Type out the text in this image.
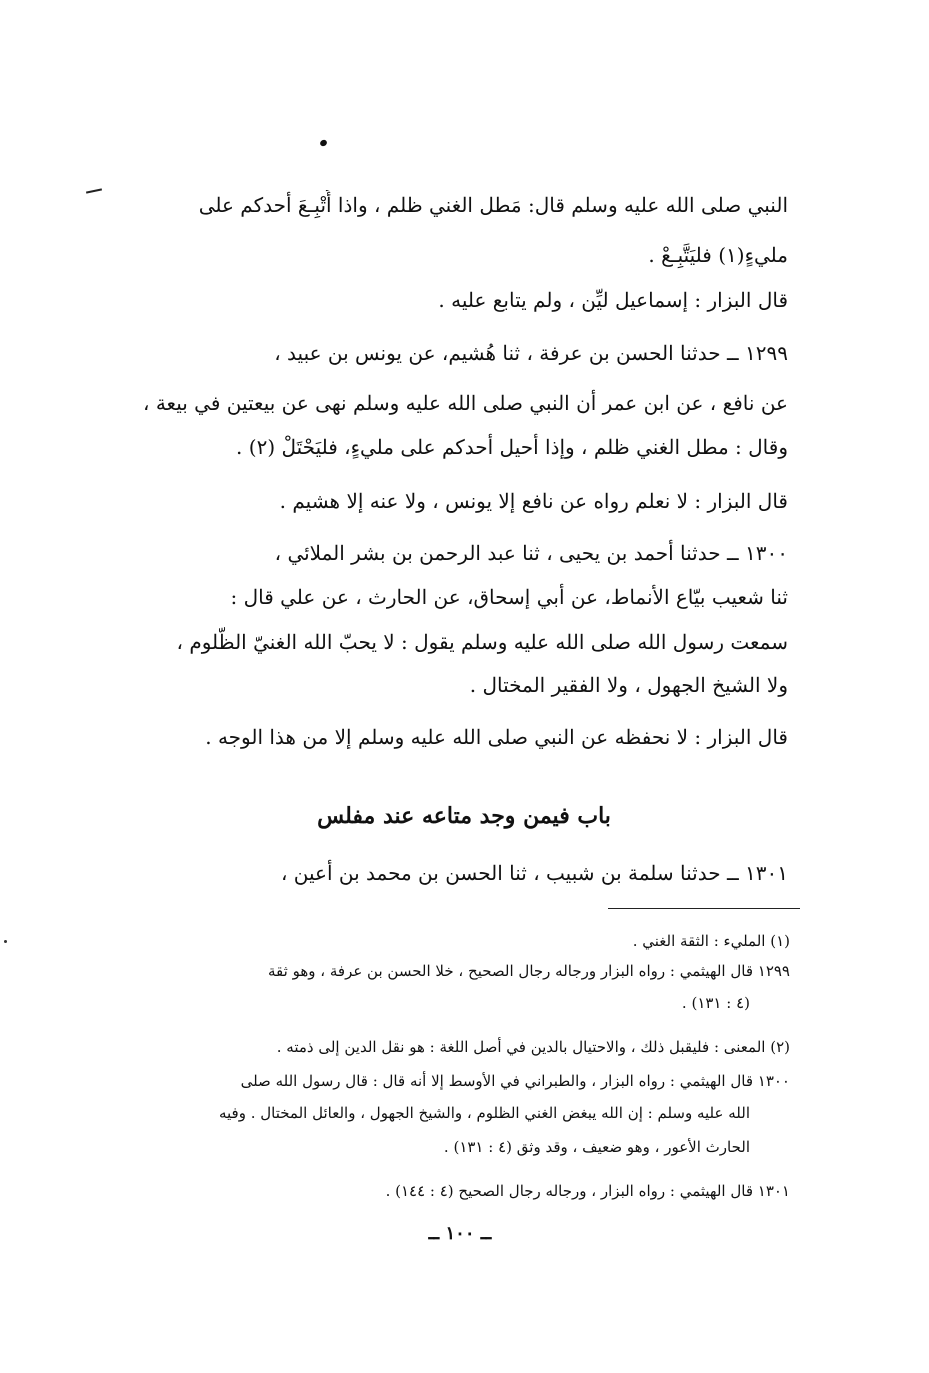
النبي صلى الله عليه وسلم قال: مَطل الغني ظلم ، واذا أُتْبِـعَ أحدكم على
مليءٍ(١) فليَتَّبِـعْ .
قال البزار : إسماعيل ليِّن ، ولم يتابع عليه .
١٢٩٩ ــ حدثنا الحسن بن عرفة ، ثنا هُشيم، عن يونس بن عبيد ،
عن نافع ، عن ابن عمر أن النبي صلى الله عليه وسلم نهى عن بيعتين في بيعة ،
وقال : مطل الغني ظلم ، وإذا أحيل أحدكم على مليءٍ، فليَحْتَلْ (٢) .
قال البزار : لا نعلم رواه عن نافع إلا يونس ، ولا عنه إلا هشيم .
١٣٠٠ ــ حدثنا أحمد بن يحيى ، ثنا عبد الرحمن بن بشر الملائي ،
ثنا شعيب بيّاع الأنماط، عن أبي إسحاق، عن الحارث ، عن علي قال :
سمعت رسول الله صلى الله عليه وسلم يقول : لا يحبّ الله الغنيّ الظّلوم ،
ولا الشيخ الجهول ، ولا الفقير المختال .
قال البزار : لا نحفظه عن النبي صلى الله عليه وسلم إلا من هذا الوجه .
باب فيمن وجد متاعه عند مفلس
١٣٠١ ــ حدثنا سلمة بن شبيب ، ثنا الحسن بن محمد بن أعين ،
(١) المليء : الثقة الغني .
١٢٩٩ قال الهيثمي : رواه البزار ورجاله رجال الصحيح ، خلا الحسن بن عرفة ، وهو ثقة
(٤ : ١٣١) .
(٢) المعنى : فليقبل ذلك ، والاحتيال بالدين في أصل اللغة : هو نقل الدين إلى ذمته .
١٣٠٠ قال الهيثمي : رواه البزار ، والطبراني في الأوسط إلا أنه قال : قال رسول الله صلى
الله عليه وسلم : إن الله يبغض الغني الظلوم ، والشيخ الجهول ، والعائل المختال . وفيه
الحارث الأعور ، وهو ضعيف ، وقد وثق (٤ : ١٣١) .
١٣٠١ قال الهيثمي : رواه البزار ، ورجاله رجال الصحيح (٤ : ١٤٤) .
ــ ١٠٠ ــ
